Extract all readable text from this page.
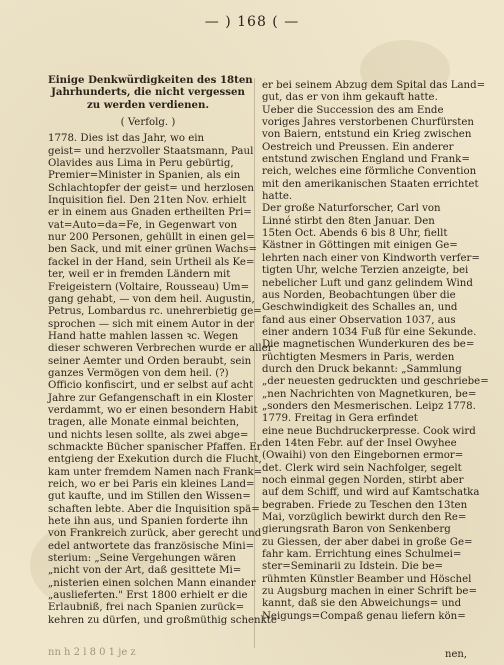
— ) 168 ( —
Einige Denkwürdigkeiten des 18ten
Jahrhunderts, die nicht vergessen
zu werden verdienen.
( Verfolg. )
1778. Dies ist das Jahr, wo ein
geist= und herzvoller Staatsmann, Paul
Olavides aus Lima in Peru gebürtig,
Premier=Minister in Spanien, als ein
Schlachtopfer der geist= und herzlosen
Inquisition fiel. Den 21ten Nov. erhielt
er in einem aus Gnaden ertheilten Pri=
vat=Auto=da=Fe, in Gegenwart von
nur 200 Personen, gehüllt in einen gel=
ben Sack, und mit einer grünen Wachs=
fackel in der Hand, sein Urtheil als Ke=
ter, weil er in fremden Ländern mit
Freigeistern (Voltaire, Rousseau) Um=
gang gehabt, — von dem heil. Augustin,
Petrus, Lombardus rc. unehrerbietig ge=
sprochen — sich mit einem Autor in der
Hand hatte mahlen lassen ꝛc. Wegen
dieser schweren Verbrechen wurde er aller
seiner Aemter und Orden beraubt, sein
ganzes Vermögen von dem heil. (?)
Officio konfiscirt, und er selbst auf acht
Jahre zur Gefangenschaft in ein Kloster
verdammt, wo er einen besondern Habit
tragen, alle Monate einmal beichten,
und nichts lesen sollte, als zwei abge=
schmackte Bücher spanischer Pfaffen. Er
entgieng der Exekution durch die Flucht,
kam unter fremdem Namen nach Frank=
reich, wo er bei Paris ein kleines Land=
gut kaufte, und im Stillen den Wissen=
schaften lebte. Aber die Inquisition spä=
hete ihn aus, und Spanien forderte ihn
von Frankreich zurück, aber gerecht und
edel antwortete das französische Mini=
sterium: „Seine Vergehungen wären
„nicht von der Art, daß gesittete Mi=
„nisterien einen solchen Mann einander
„auslieferten." Erst 1800 erhielt er die
Erlaubniß, frei nach Spanien zurück=
kehren zu dürfen, und großmüthig schenkte
er bei seinem Abzug dem Spital das Land=
gut, das er von ihm gekauft hatte.
Ueber die Succession des am Ende
voriges Jahres verstorbenen Churfürsten
von Baiern, entstund ein Krieg zwischen
Oestreich und Preussen. Ein anderer
entstund zwischen England und Frank=
reich, welches eine förmliche Convention
mit den amerikanischen Staaten errichtet
hatte.
Der große Naturforscher, Carl von
Linné stirbt den 8ten Januar. Den
15ten Oct. Abends 6 bis 8 Uhr, fiellt
Kästner in Göttingen mit einigen Ge=
lehrten nach einer von Kindworth verfer=
tigten Uhr, welche Terzien anzeigte, bei
nebelicher Luft und ganz gelindem Wind
aus Norden, Beobachtungen über die
Geschwindigkeit des Schalles an, und
fand aus einer Observation 1037, aus
einer andern 1034 Fuß für eine Sekunde.
Die magnetischen Wunderkuren des be=
rüchtigten Mesmers in Paris, werden
durch den Druck bekannt: „Sammlung
„der neuesten gedruckten und geschriebe=
„nen Nachrichten von Magnetkuren, be=
„sonders den Mesmerischen. Leipz 1778.
1779. Freitag in Gera erfindet
eine neue Buchdruckerpresse. Cook wird
den 14ten Febr. auf der Insel Owyhee
(Owaihi) von den Eingebornen ermor=
det. Clerk wird sein Nachfolger, segelt
noch einmal gegen Norden, stirbt aber
auf dem Schiff, und wird auf Kamtschatka
begraben. Friede zu Teschen den 13ten
Mai, vorzüglich bewirkt durch den Re=
gierungsrath Baron von Senkenberg
zu Giessen, der aber dabei in große Ge=
fahr kam. Errichtung eines Schulmei=
ster=Seminarii zu Idstein. Die be=
rühmten Künstler Beamber und Höschel
zu Augsburg machen in einer Schrift be=
kannt, daß sie den Abweichungs= und
Neigungs=Compaß genau liefern kön=
nn h 2 l 8 0 1 je z	nen,
